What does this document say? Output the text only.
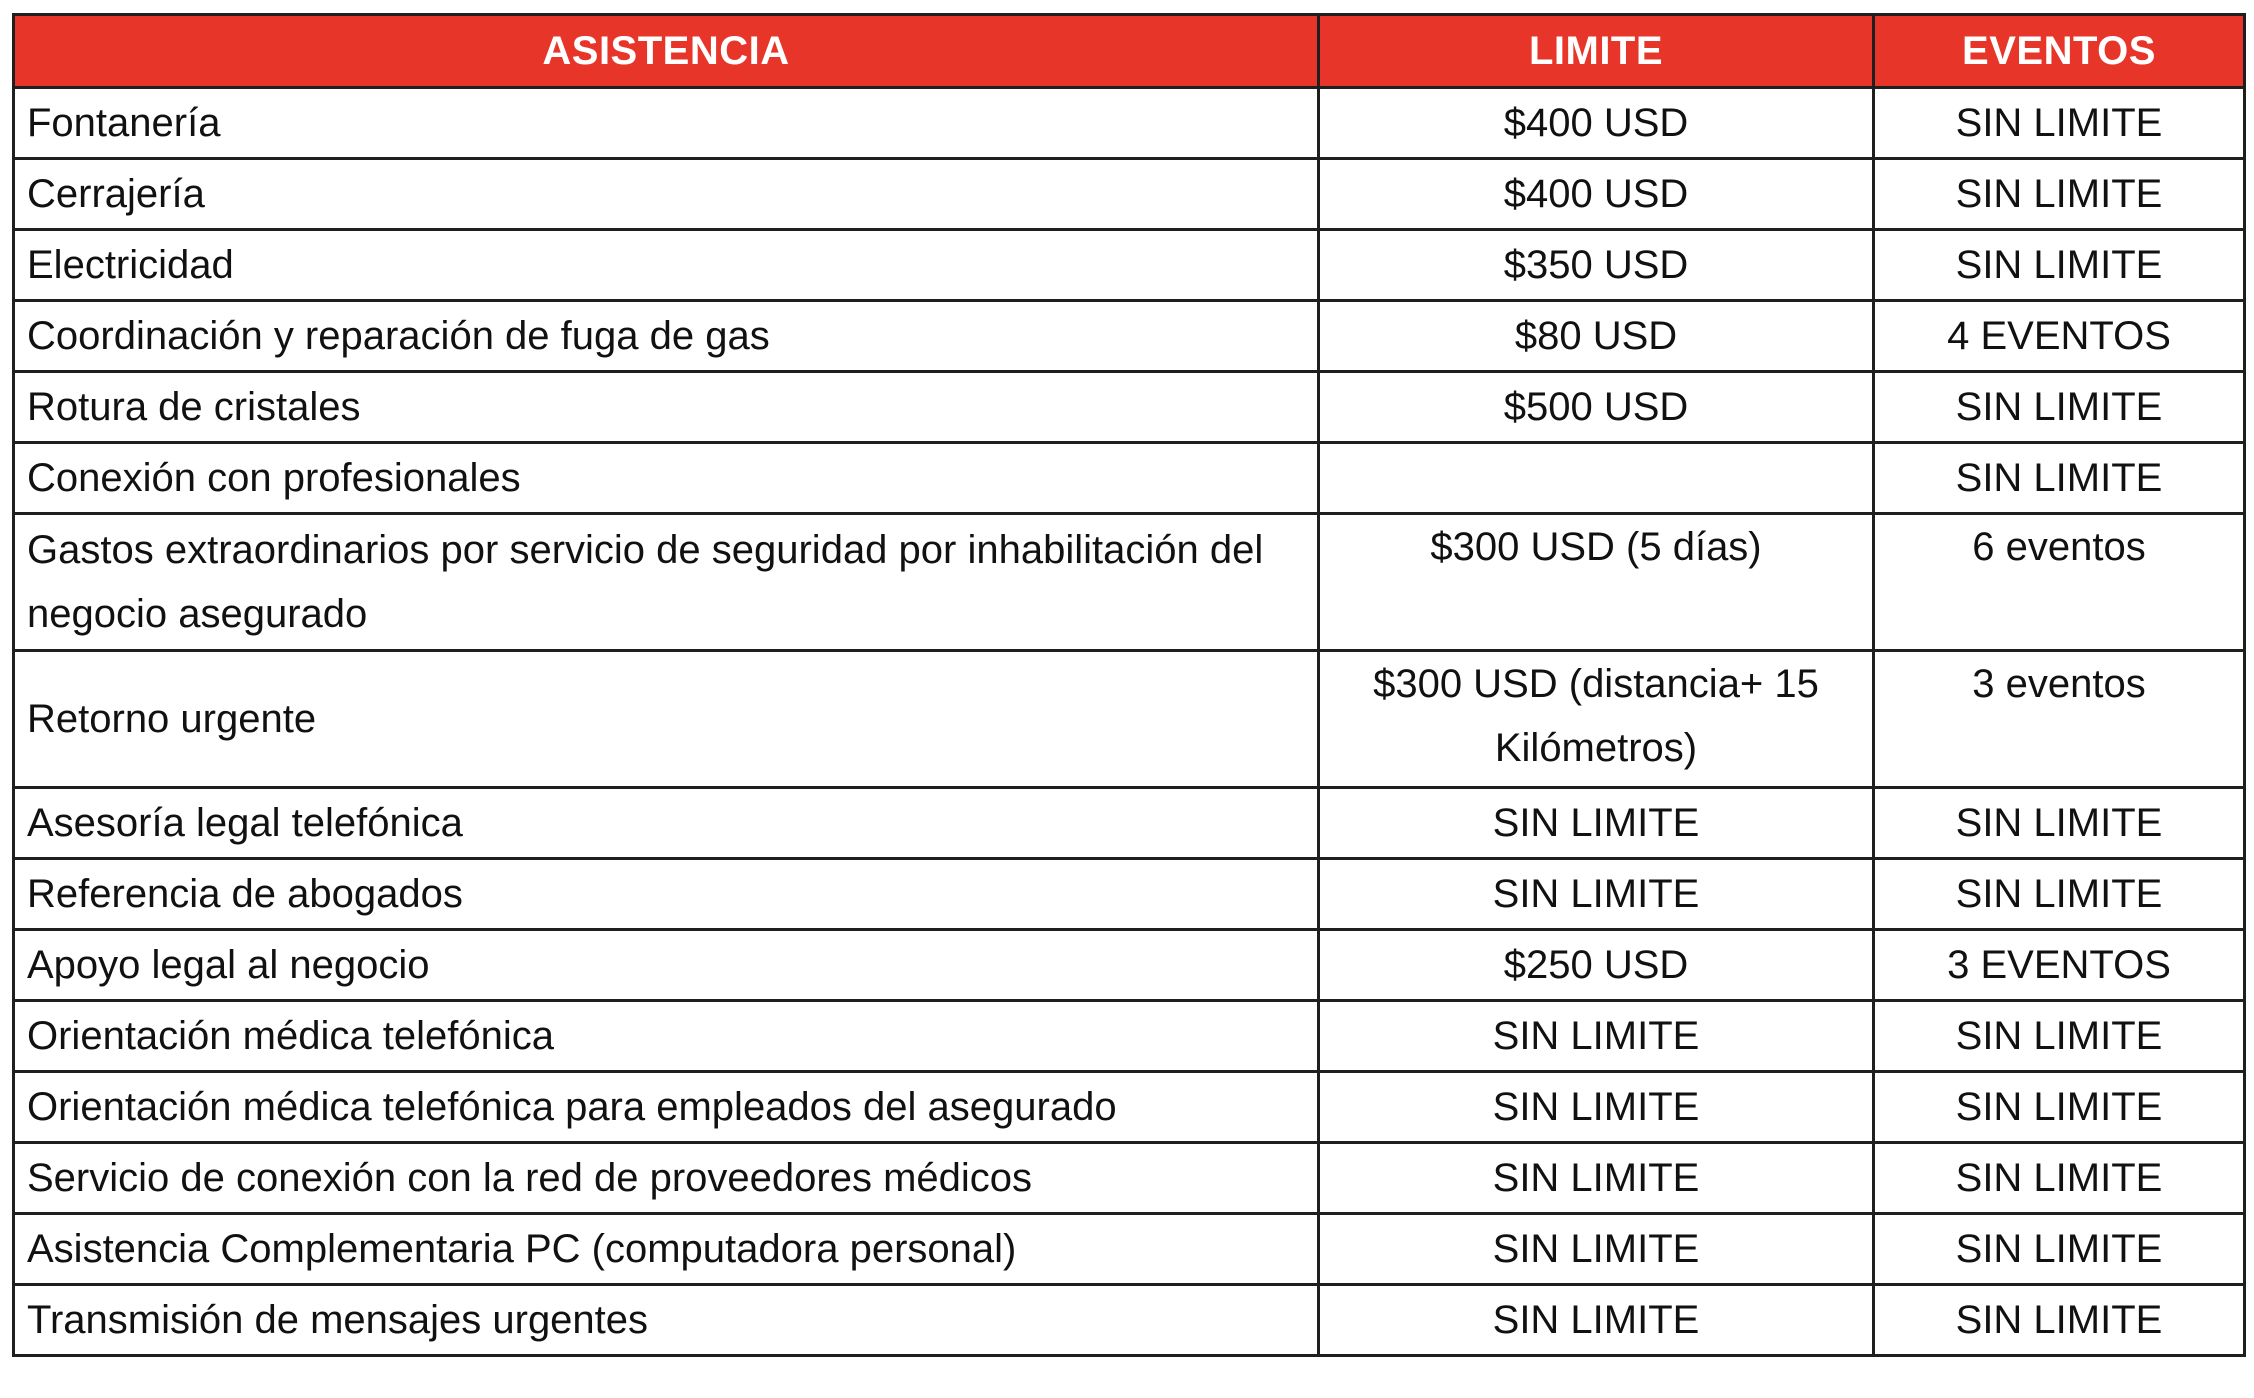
ASISTENCIA	LIMITE	EVENTOS
Fontanería	$400 USD	SIN LIMITE
Cerrajería	$400 USD	SIN LIMITE
Electricidad	$350 USD	SIN LIMITE
Coordinación y reparación de fuga de gas	$80 USD	4 EVENTOS
Rotura de cristales	$500 USD	SIN LIMITE
Conexión con profesionales		SIN LIMITE
Gastos extraordinarios por servicio de seguridad por inhabilitación del negocio asegurado	$300 USD (5 días)	6 eventos
Retorno urgente	$300 USD (distancia+ 15 Kilómetros)	3 eventos
Asesoría legal telefónica	SIN LIMITE	SIN LIMITE
Referencia de abogados	SIN LIMITE	SIN LIMITE
Apoyo legal al negocio	$250 USD	3 EVENTOS
Orientación médica telefónica	SIN LIMITE	SIN LIMITE
Orientación médica telefónica para empleados del asegurado	SIN LIMITE	SIN LIMITE
Servicio de conexión con la red de proveedores médicos	SIN LIMITE	SIN LIMITE
Asistencia Complementaria PC (computadora personal)	SIN LIMITE	SIN LIMITE
Transmisión de mensajes urgentes	SIN LIMITE	SIN LIMITE
